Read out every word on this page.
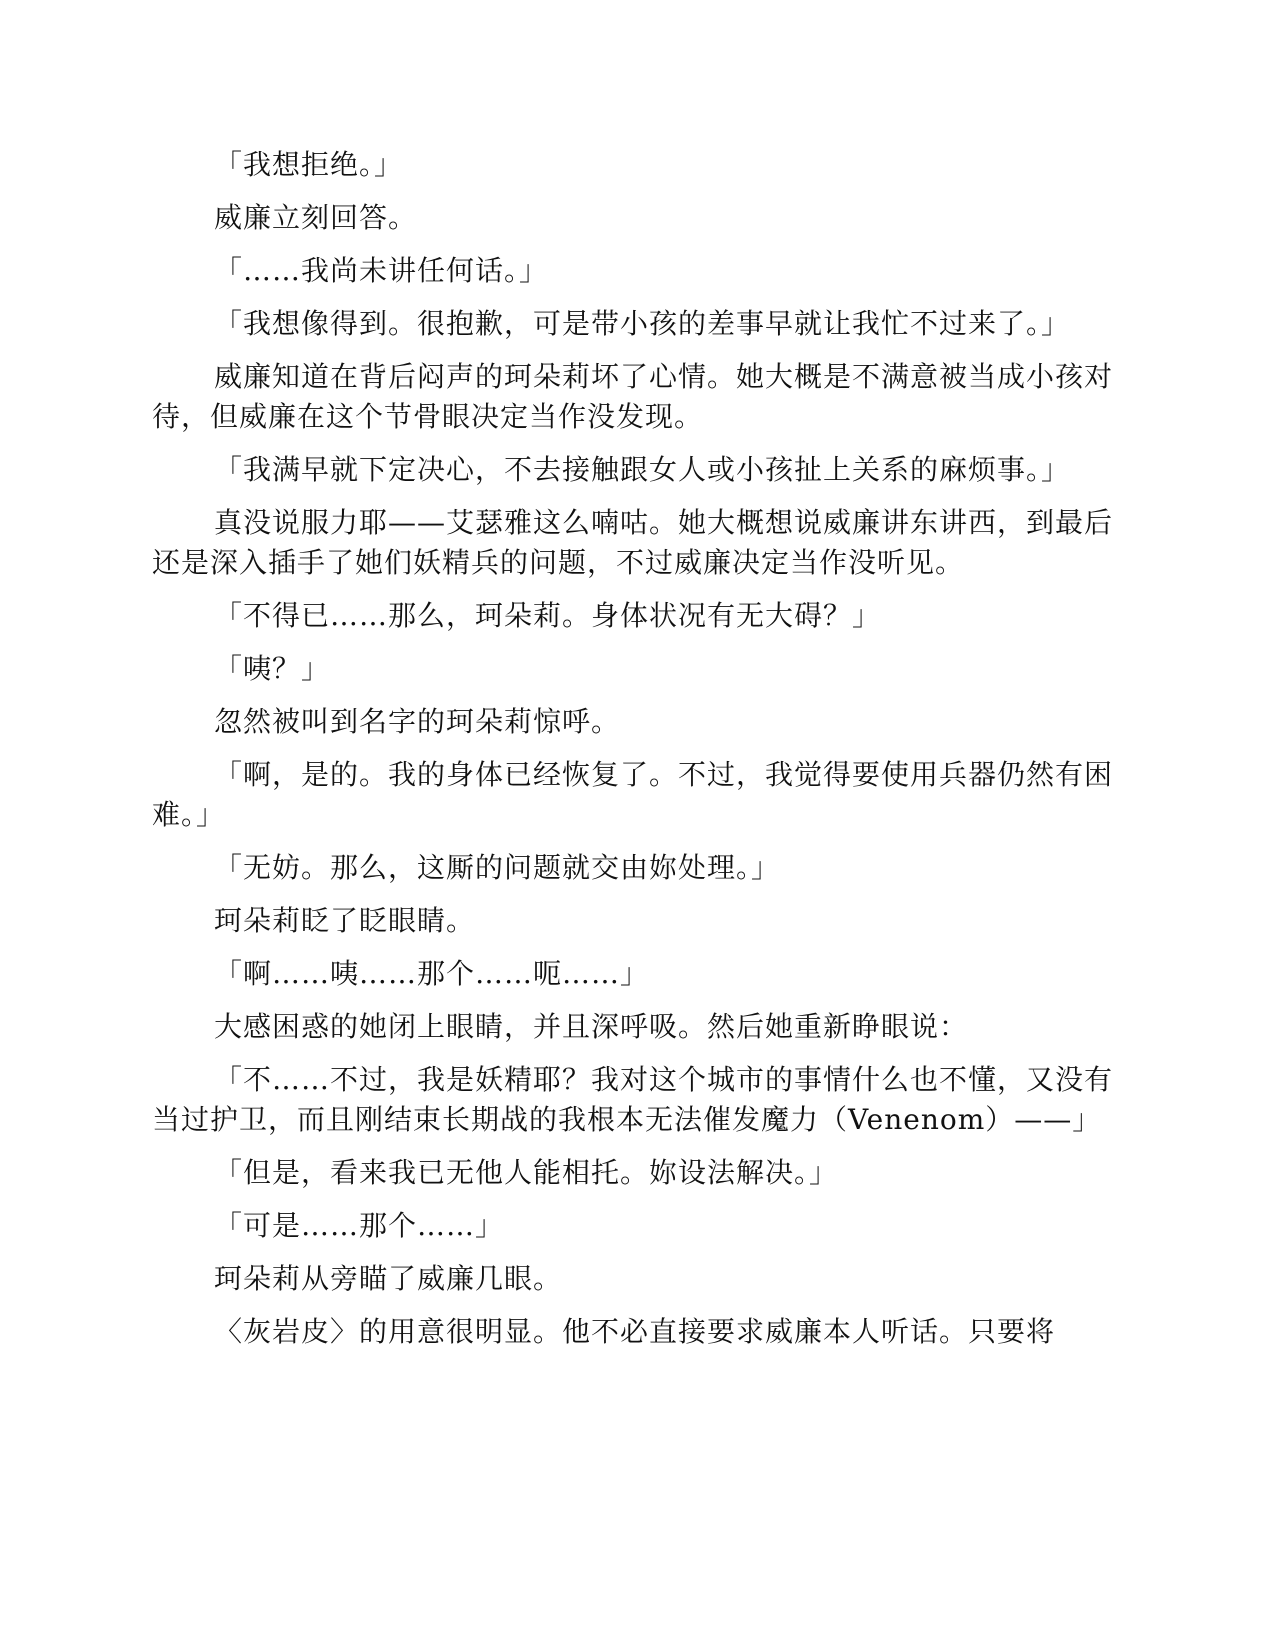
「我想拒绝。」

威廉立刻回答。

「……我尚未讲任何话。」

「我想像得到。很抱歉，可是带小孩的差事早就让我忙不过来了。」

威廉知道在背后闷声的珂朵莉坏了心情。她大概是不满意被当成小孩对待，但威廉在这个节骨眼决定当作没发现。

「我满早就下定决心，不去接触跟女人或小孩扯上关系的麻烦事。」

真没说服力耶——艾瑟雅这么喃咕。她大概想说威廉讲东讲西，到最后还是深入插手了她们妖精兵的问题，不过威廉决定当作没听见。

「不得已……那么，珂朵莉。身体状况有无大碍？」

「咦？」

忽然被叫到名字的珂朵莉惊呼。

「啊，是的。我的身体已经恢复了。不过，我觉得要使用兵器仍然有困难。」

「无妨。那么，这厮的问题就交由妳处理。」

珂朵莉眨了眨眼睛。

「啊……咦……那个……呃……」

大感困惑的她闭上眼睛，并且深呼吸。然后她重新睁眼说：

「不……不过，我是妖精耶？我对这个城市的事情什么也不懂，又没有当过护卫，而且刚结束长期战的我根本无法催发魔力（Venenom）——」

「但是，看来我已无他人能相托。妳设法解决。」

「可是……那个……」

珂朵莉从旁瞄了威廉几眼。

〈灰岩皮〉的用意很明显。他不必直接要求威廉本人听话。只要将
